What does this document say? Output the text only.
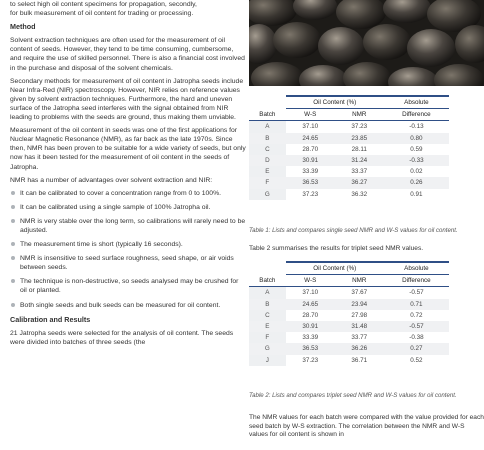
to select high oil content specimens for propagation, secondly,
for bulk measurement of oil content for trading or processing.

Method

Solvent extraction techniques are often used for the measurement of oil content of seeds. However, they tend to be time consuming, cumbersome, and require the use of skilled personnel. There is also a financial cost involved in the purchase and disposal of the solvent chemicals.

Secondary methods for measurement of oil content in Jatropha seeds include Near Infra-Red (NIR) spectroscopy. However, NIR relies on reference values given by solvent extraction techniques. Furthermore, the hard and uneven surface of the Jatropha seed interferes with the signal obtained from NIR leading to problems with the seeds are ground, thus making them unviable.

Measurement of the oil content in seeds was one of the first applications for Nuclear Magnetic Resonance (NMR), as far back as the late 1970s. Since then, NMR has been proven to be suitable for a wide variety of seeds, but only now has it been tested for the measurement of oil content in the seeds of Jatropha.

NMR has a number of advantages over solvent extraction and NIR:

It can be calibrated to cover a concentration range from 0 to 100%.
It can be calibrated using a single sample of 100% Jatropha oil.
NMR is very stable over the long term, so calibrations will rarely need to be adjusted.
The measurement time is short (typically 16 seconds).
NMR is insensitive to seed surface roughness, seed shape, or air voids between seeds.
The technique is non-destructive, so seeds analysed may be crushed for oil or planted.
Both single seeds and bulk seeds can be measured for oil content.
Calibration and Results

21 Jatropha seeds were selected for the analysis of oil content. The seeds were divided into batches of three seeds (the

	Oil Content (%)		Absolute
Batch	W-S	NMR	Difference
A	37.10	37.23	-0.13
B	24.65	23.85	0.80
C	28.70	28.11	0.59
D	30.91	31.24	-0.33
E	33.39	33.37	0.02
F	36.53	36.27	0.26
G	37.23	36.32	0.91
Table 1: Lists and compares single seed NMR and W-S values for oil content.
Table 2 summarises the results for triplet seed NMR values.
	Oil Content (%)		Absolute
Batch	W-S	NMR	Difference
A	37.10	37.67	-0.57
B	24.65	23.94	0.71
C	28.70	27.98	0.72
E	30.91	31.48	-0.57
F	33.39	33.77	-0.38
G	36.53	36.26	0.27
J	37.23	36.71	0.52
Table 2: Lists and compares triplet seed NMR and W-S values for oil content.
The NMR values for each batch were compared with the value provided for each seed batch by W-S extraction. The correlation between the NMR and W-S values for oil content is shown in
